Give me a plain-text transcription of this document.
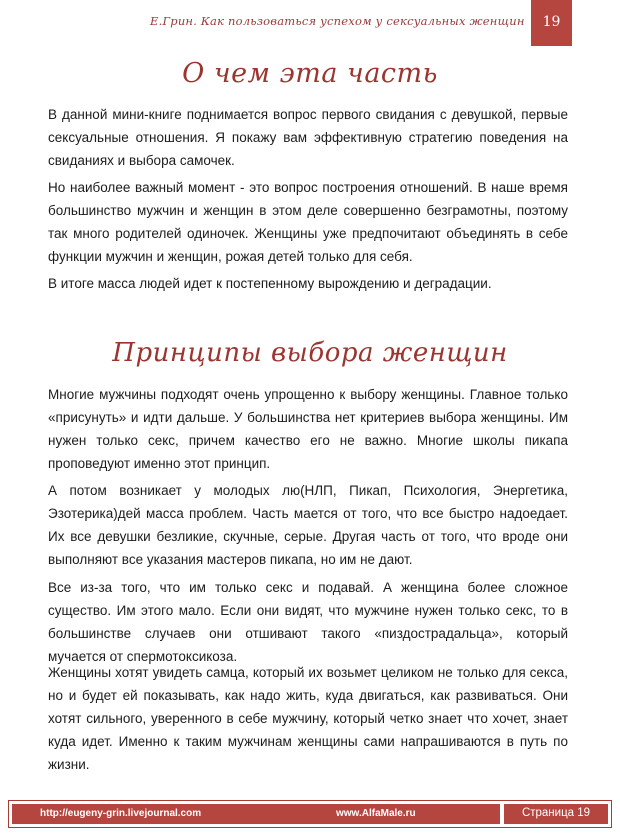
Е.Грин. Как пользоваться успехом у сексуальных женщин	19
О чем эта часть

В данной мини-книге поднимается вопрос первого свидания с девушкой, первые сексуальные отношения. Я покажу вам эффективную стратегию поведения на свиданиях и выбора самочек.

Но наиболее важный момент - это вопрос построения отношений. В наше время большинство мужчин и женщин в этом деле совершенно безграмотны, поэтому так много родителей одиночек. Женщины уже предпочитают объединять в себе функции мужчин и женщин, рожая детей только для себя.

В итоге масса людей идет к постепенному вырождению и деградации.

Принципы выбора женщин

Многие мужчины подходят очень упрощенно к выбору женщины. Главное только «присунуть» и идти дальше. У большинства нет критериев выбора женщины. Им нужен только секс, причем качество его не важно. Многие школы пикапа проповедуют именно этот принцип.

А потом возникает у молодых лю(НЛП, Пикап, Психология, Энергетика, Эзотерика)дей масса проблем. Часть мается от того, что все быстро надоедает. Их все девушки безликие, скучные, серые. Другая часть от того, что вроде они выполняют все указания мастеров пикапа, но им не дают.

Все из-за того, что им только секс и подавай. А женщина более сложное существо. Им этого мало. Если они видят, что мужчине нужен только секс, то в большинстве случаев они отшивают такого «пиздострадальца», который мучается от спермотоксикоза.

Женщины хотят увидеть самца, который их возьмет целиком не только для секса, но и будет ей показывать, как надо жить, куда двигаться, как развиваться. Они хотят сильного, уверенного в себе мужчину, который четко знает что хочет, знает куда идет. Именно к таким мужчинам женщины сами напрашиваются в путь по жизни.

http://eugeny-grin.livejournal.com	www.AlfaMale.ru	Страница 19
